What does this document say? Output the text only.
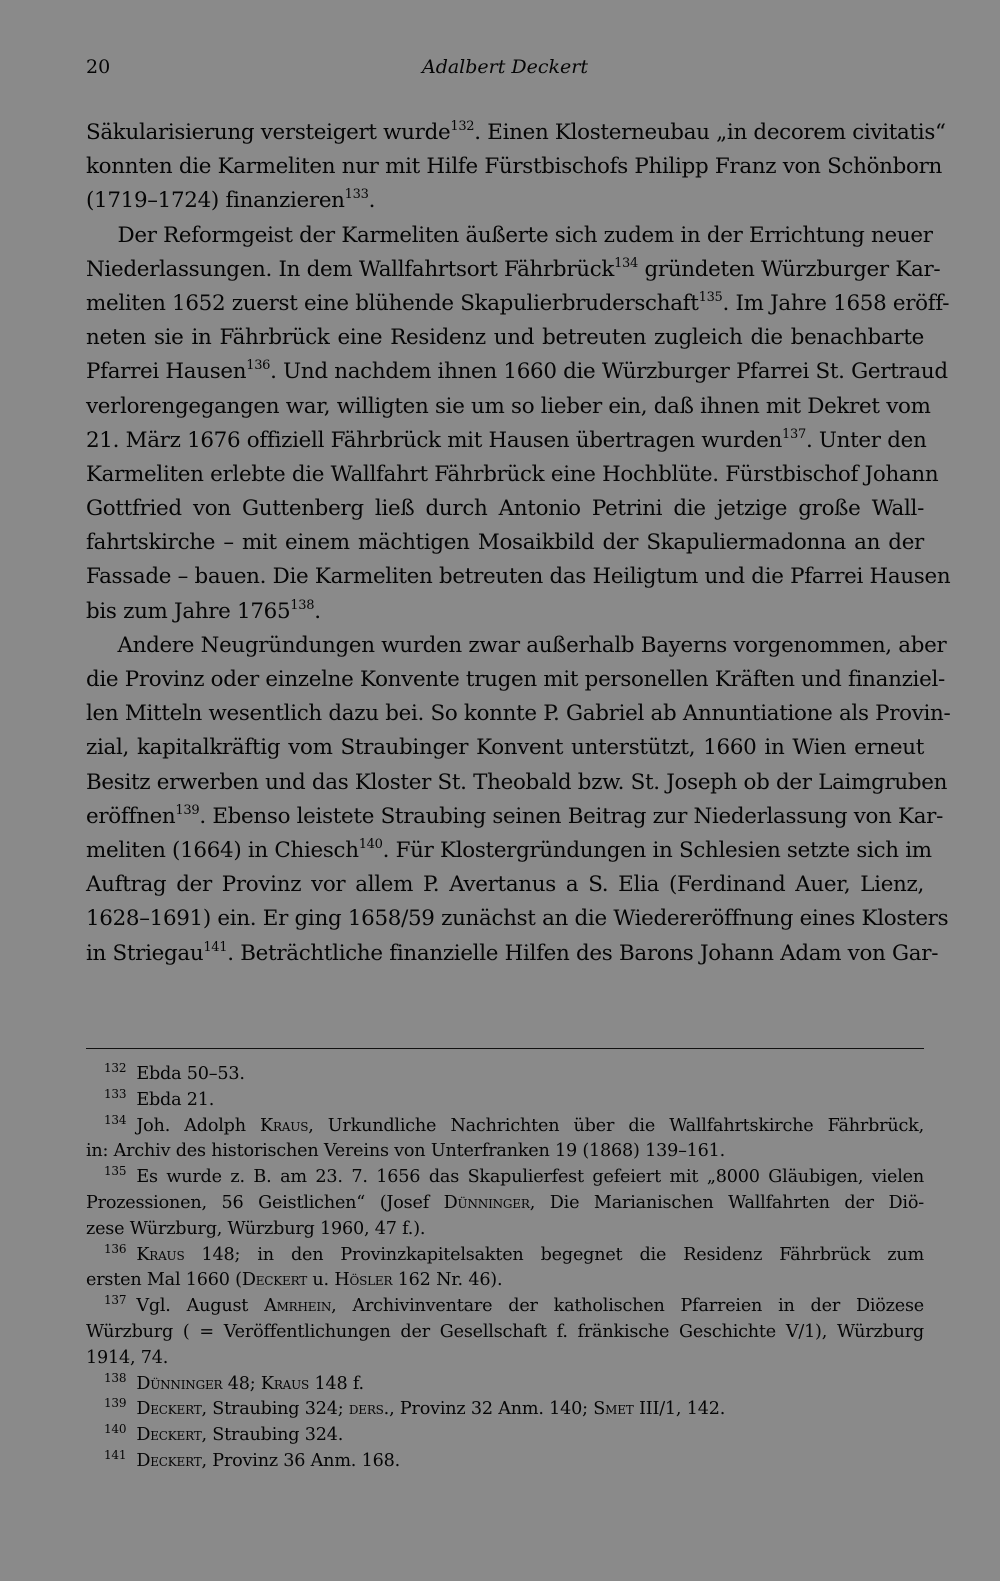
20	Adalbert Deckert
Säkularisierung versteigert wurde$^{132}$. Einen Klosterneubau „in decorem civitatis“
konnten die Karmeliten nur mit Hilfe Fürstbischofs Philipp Franz von Schönborn
(1719–1724) finanzieren$^{133}$.
  Der Reformgeist der Karmeliten äußerte sich zudem in der Errichtung neuer
Niederlassungen. In dem Wallfahrtsort Fährbrück$^{134}$ gründeten Würzburger Kar-
meliten 1652 zuerst eine blühende Skapulierbruderschaft$^{135}$. Im Jahre 1658 eröff-
neten sie in Fährbrück eine Residenz und betreuten zugleich die benachbarte
Pfarrei Hausen$^{136}$. Und nachdem ihnen 1660 die Würzburger Pfarrei St. Gertraud
verlorengegangen war, willigten sie um so lieber ein, daß ihnen mit Dekret vom
21. März 1676 offiziell Fährbrück mit Hausen übertragen wurden$^{137}$. Unter den
Karmeliten erlebte die Wallfahrt Fährbrück eine Hochblüte. Fürstbischof Johann
Gottfried von Guttenberg ließ durch Antonio Petrini die jetzige große Wall-
fahrtskirche – mit einem mächtigen Mosaikbild der Skapuliermadonna an der
Fassade – bauen. Die Karmeliten betreuten das Heiligtum und die Pfarrei Hausen
bis zum Jahre 1765$^{138}$.
  Andere Neugründungen wurden zwar außerhalb Bayerns vorgenommen, aber
die Provinz oder einzelne Konvente trugen mit personellen Kräften und finanziel-
len Mitteln wesentlich dazu bei. So konnte P. Gabriel ab Annuntiatione als Provin-
zial, kapitalkräftig vom Straubinger Konvent unterstützt, 1660 in Wien erneut
Besitz erwerben und das Kloster St. Theobald bzw. St. Joseph ob der Laimgruben
eröffnen$^{139}$. Ebenso leistete Straubing seinen Beitrag zur Niederlassung von Kar-
meliten (1664) in Chiesch$^{140}$. Für Klostergründungen in Schlesien setzte sich im
Auftrag der Provinz vor allem P. Avertanus a S. Elia (Ferdinand Auer, Lienz,
1628–1691) ein. Er ging 1658/59 zunächst an die Wiedereröffnung eines Klosters
in Striegau$^{141}$. Beträchtliche finanzielle Hilfen des Barons Johann Adam von Gar-
$^{132}$ Ebda 50–53.
$^{133}$ Ebda 21.
$^{134}$ Joh. Adolph Kraus, Urkundliche Nachrichten über die Wallfahrtskirche Fährbrück,
in: Archiv des historischen Vereins von Unterfranken 19 (1868) 139–161.
$^{135}$ Es wurde z. B. am 23. 7. 1656 das Skapulierfest gefeiert mit „8000 Gläubigen, vielen
Prozessionen, 56 Geistlichen“ (Josef Dünninger, Die Marianischen Wallfahrten der Diö-
zese Würzburg, Würzburg 1960, 47 f.).
$^{136}$ Kraus 148; in den Provinzkapitelsakten begegnet die Residenz Fährbrück zum
ersten Mal 1660 (Deckert u. Hösler 162 Nr. 46).
$^{137}$ Vgl. August Amrhein, Archivinventare der katholischen Pfarreien in der Diözese
Würzburg ( = Veröffentlichungen der Gesellschaft f. fränkische Geschichte V/1), Würzburg
1914, 74.
$^{138}$ Dünninger 48; Kraus 148 f.
$^{139}$ Deckert, Straubing 324; ders., Provinz 32 Anm. 140; Smet III/1, 142.
$^{140}$ Deckert, Straubing 324.
$^{141}$ Deckert, Provinz 36 Anm. 168.
